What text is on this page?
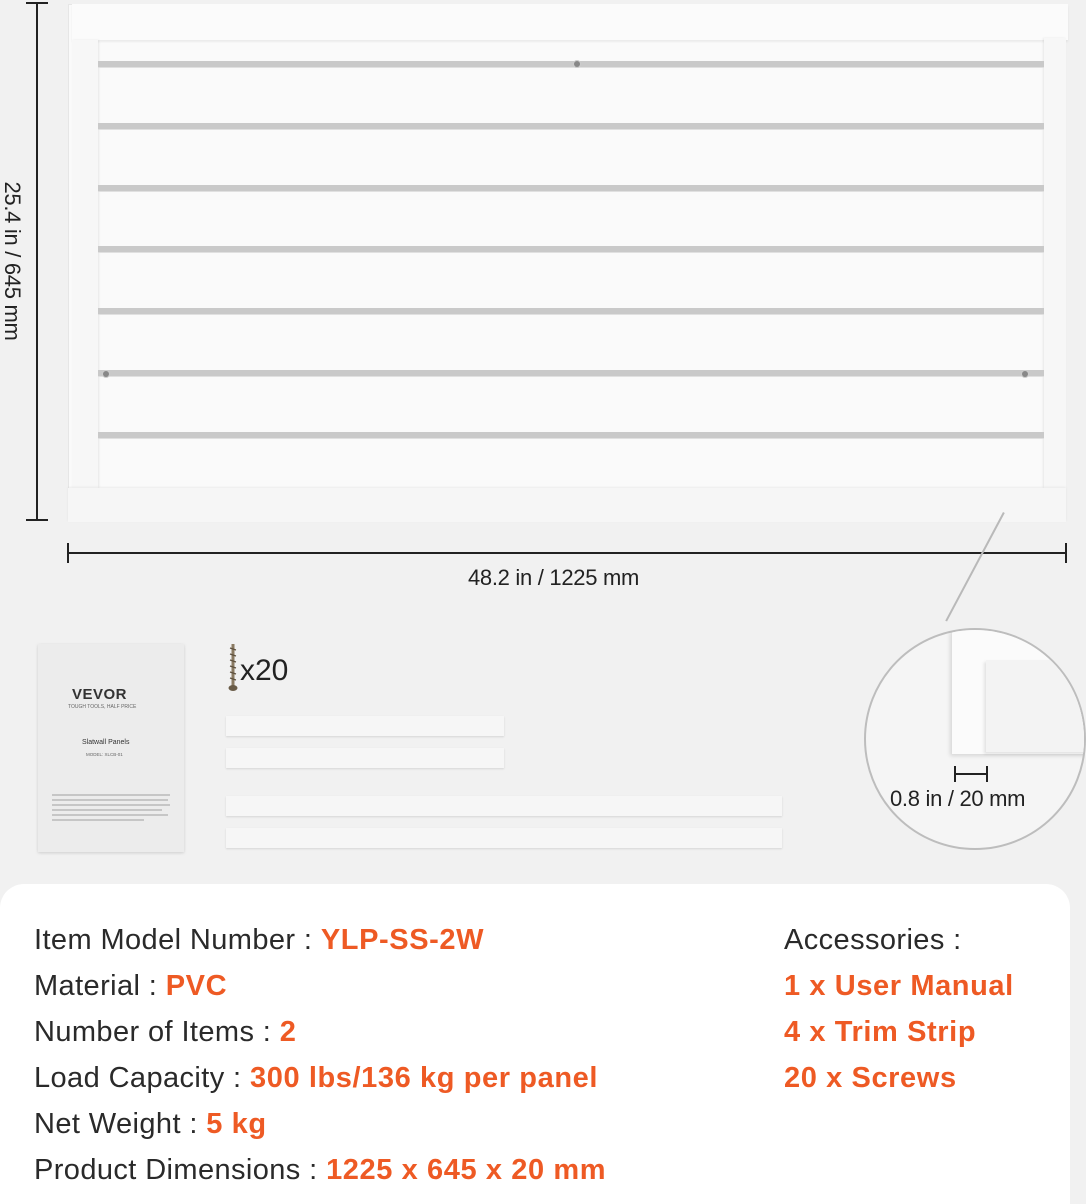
25.4 in / 645 mm
48.2 in / 1225 mm
0.8 in / 20 mm
VEVOR
TOUGH TOOLS, HALF PRICE
Slatwall Panels
MODEL: XLCB-01
x20
Item Model Number : YLP-SS-2W
Material : PVC
Number of Items : 2
Load Capacity : 300 lbs/136 kg per panel
Net Weight : 5 kg
Product Dimensions : 1225 x 645 x 20 mm
Accessories :
1 x User Manual
4 x Trim Strip
20 x Screws
